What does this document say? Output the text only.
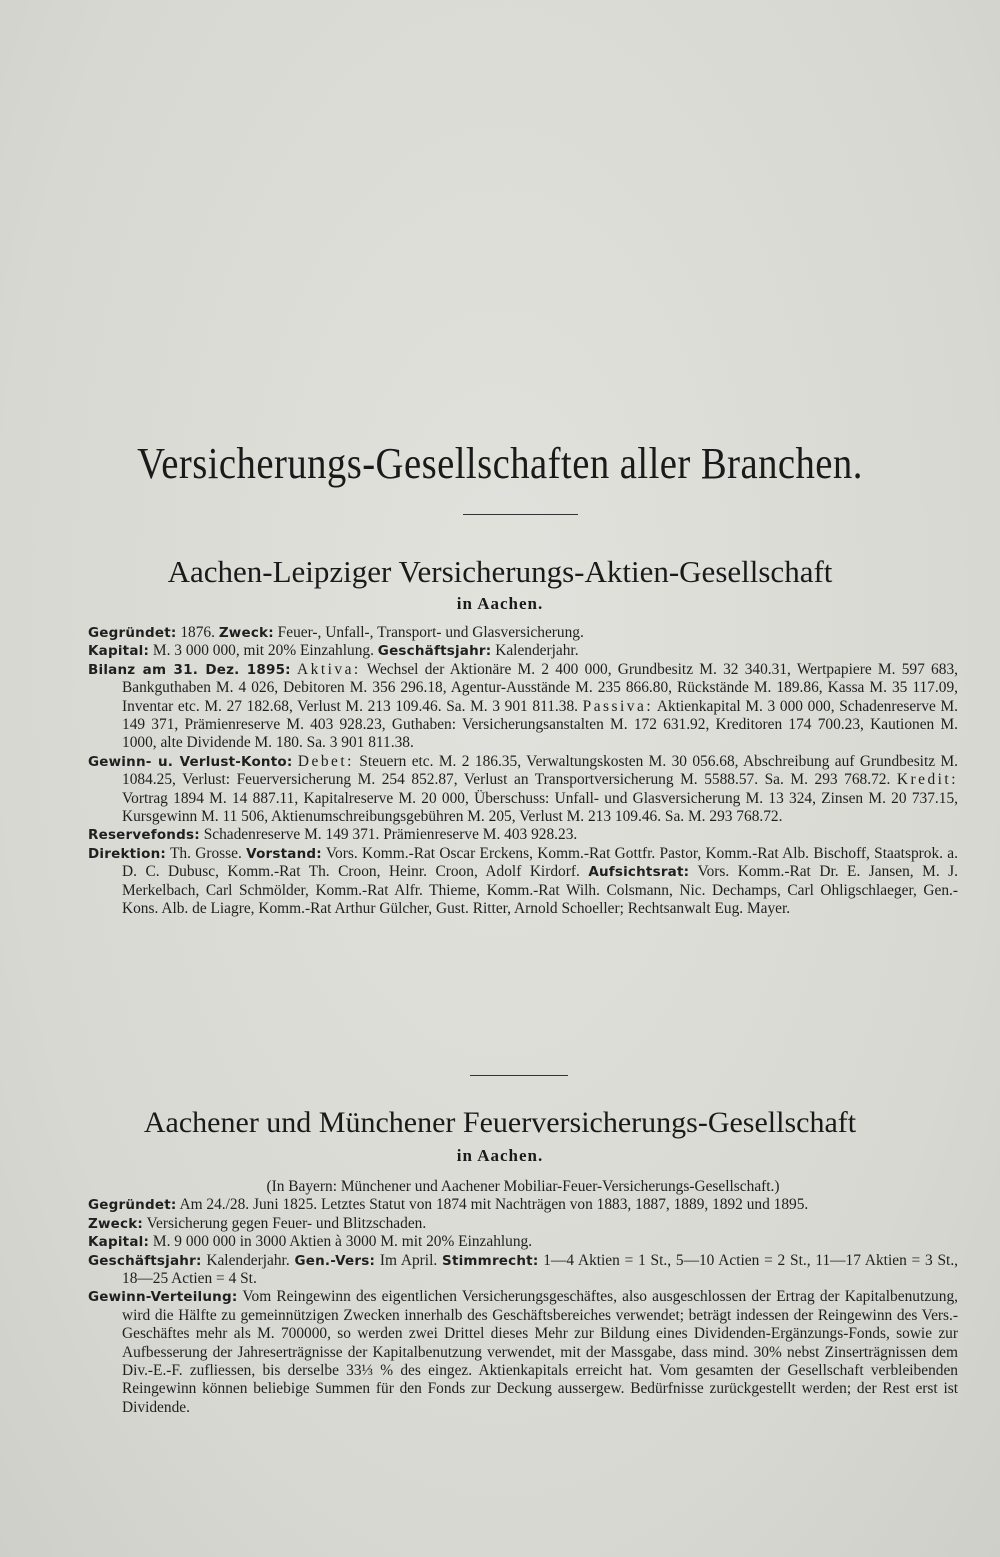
Versicherungs-Gesellschaften aller Branchen.
Aachen-Leipziger Versicherungs-Aktien-Gesellschaft
in Aachen.

Gegründet: 1876. Zweck: Feuer-, Unfall-, Transport- und Glasversicherung.

Kapital: M. 3 000 000, mit 20% Einzahlung. Geschäftsjahr: Kalenderjahr.

Bilanz am 31. Dez. 1895: Aktiva: Wechsel der Aktionäre M. 2 400 000, Grundbesitz M. 32 340.31, Wertpapiere M. 597 683, Bankguthaben M. 4 026, Debitoren M. 356 296.18, Agentur-Ausstände M. 235 866.80, Rückstände M. 189.86, Kassa M. 35 117.09, Inventar etc. M. 27 182.68, Verlust M. 213 109.46. Sa. M. 3 901 811.38. Passiva: Aktienkapital M. 3 000 000, Schadenreserve M. 149 371, Prämienreserve M. 403 928.23, Guthaben: Versicherungsanstalten M. 172 631.92, Kreditoren 174 700.23, Kautionen M. 1000, alte Dividende M. 180. Sa. 3 901 811.38.

Gewinn- u. Verlust-Konto: Debet: Steuern etc. M. 2 186.35, Verwaltungskosten M. 30 056.68, Abschreibung auf Grundbesitz M. 1084.25, Verlust: Feuerversicherung M. 254 852.87, Verlust an Transportversicherung M. 5588.57. Sa. M. 293 768.72. Kredit: Vortrag 1894 M. 14 887.11, Kapitalreserve M. 20 000, Überschuss: Unfall- und Glasversicherung M. 13 324, Zinsen M. 20 737.15, Kursgewinn M. 11 506, Aktienumschreibungsgebühren M. 205, Verlust M. 213 109.46. Sa. M. 293 768.72.

Reservefonds: Schadenreserve M. 149 371. Prämienreserve M. 403 928.23.

Direktion: Th. Grosse. Vorstand: Vors. Komm.-Rat Oscar Erckens, Komm.-Rat Gottfr. Pastor, Komm.-Rat Alb. Bischoff, Staatsprok. a. D. C. Dubusc, Komm.-Rat Th. Croon, Heinr. Croon, Adolf Kirdorf. Aufsichtsrat: Vors. Komm.-Rat Dr. E. Jansen, M. J. Merkelbach, Carl Schmölder, Komm.-Rat Alfr. Thieme, Komm.-Rat Wilh. Colsmann, Nic. Dechamps, Carl Ohligschlaeger, Gen.-Kons. Alb. de Liagre, Komm.-Rat Arthur Gülcher, Gust. Ritter, Arnold Schoeller; Rechtsanwalt Eug. Mayer.

Aachener und Münchener Feuerversicherungs-Gesellschaft
in Aachen.

(In Bayern: Münchener und Aachener Mobiliar-Feuer-Versicherungs-Gesellschaft.)

Gegründet: Am 24./28. Juni 1825. Letztes Statut von 1874 mit Nachträgen von 1883, 1887, 1889, 1892 und 1895.

Zweck: Versicherung gegen Feuer- und Blitzschaden.

Kapital: M. 9 000 000 in 3000 Aktien à 3000 M. mit 20% Einzahlung.

Geschäftsjahr: Kalenderjahr. Gen.-Vers: Im April. Stimmrecht: 1—4 Aktien = 1 St., 5—10 Actien = 2 St., 11—17 Aktien = 3 St., 18—25 Actien = 4 St.

Gewinn-Verteilung: Vom Reingewinn des eigentlichen Versicherungsgeschäftes, also ausgeschlossen der Ertrag der Kapitalbenutzung, wird die Hälfte zu gemeinnützigen Zwecken innerhalb des Geschäftsbereiches verwendet; beträgt indessen der Reingewinn des Vers.-Geschäftes mehr als M. 700000, so werden zwei Drittel dieses Mehr zur Bildung eines Dividenden-Ergänzungs-Fonds, sowie zur Aufbesserung der Jahreserträgnisse der Kapitalbenutzung verwendet, mit der Massgabe, dass mind. 30% nebst Zinserträgnissen dem Div.-E.-F. zufliessen, bis derselbe 33⅓ % des eingez. Aktienkapitals erreicht hat. Vom gesamten der Gesellschaft verbleibenden Reingewinn können beliebige Summen für den Fonds zur Deckung aussergew. Bedürfnisse zurückgestellt werden; der Rest erst ist Dividende.
